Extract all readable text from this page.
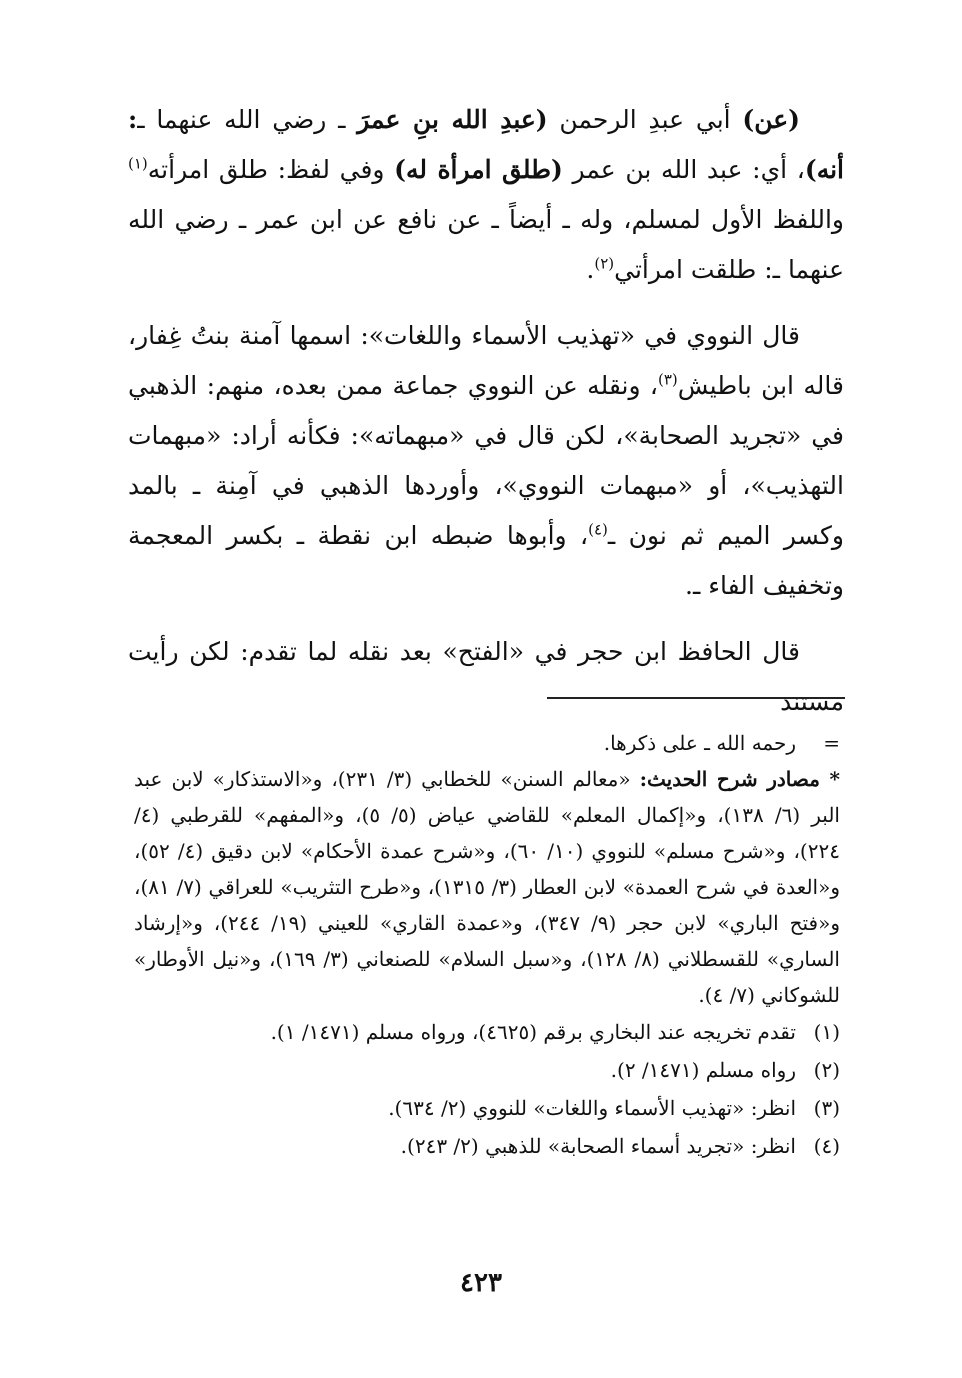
(عن) أبي عبدِ الرحمن (عبدِ الله بنِ عمرَ ـ رضي الله عنهما ـ: أنه)، أي: عبد الله بن عمر (طلق امرأة له) وفي لفظ: طلق امرأته$^{(١)}$ واللفظ الأول لمسلم، وله ـ أيضاً ـ عن نافع عن ابن عمر ـ رضي الله عنهما ـ: طلقت امرأتي$^{(٢)}$.

قال النووي في «تهذيب الأسماء واللغات»: اسمها آمنة بنتُ غِفار، قاله ابن باطيش$^{(٣)}$، ونقله عن النووي جماعة ممن بعده، منهم: الذهبي في «تجريد الصحابة»، لكن قال في «مبهماته»: فكأنه أراد: «مبهمات التهذيب»، أو «مبهمات النووي»، وأوردها الذهبي في آمِنة ـ بالمد وكسر الميم ثم نون ـ$^{(٤)}$، وأبوها ضبطه ابن نقطة ـ بكسر المعجمة وتخفيف الفاء ـ.

قال الحافظ ابن حجر في «الفتح» بعد نقله لما تقدم: لكن رأيت مستند

=
رحمه الله ـ على ذكرها.

* مصادر شرح الحديث: «معالم السنن» للخطابي (٣/ ٢٣١)، و«الاستذكار» لابن عبد البر (٦/ ١٣٨)، و«إكمال المعلم» للقاضي عياض (٥/ ٥)، و«المفهم» للقرطبي (٤/ ٢٢٤)، و«شرح مسلم» للنووي (١٠/ ٦٠)، و«شرح عمدة الأحكام» لابن دقيق (٤/ ٥٢)، و«العدة في شرح العمدة» لابن العطار (٣/ ١٣١٥)، و«طرح التثريب» للعراقي (٧/ ٨١)، و«فتح الباري» لابن حجر (٩/ ٣٤٧)، و«عمدة القاري» للعيني (١٩/ ٢٤٤)، و«إرشاد الساري» للقسطلاني (٨/ ١٢٨)، و«سبل السلام» للصنعاني (٣/ ١٦٩)، و«نيل الأوطار» للشوكاني (٧/ ٤).

(١)
تقدم تخريجه عند البخاري برقم (٤٦٢٥)، ورواه مسلم (١٤٧١/ ١).
(٢)
رواه مسلم (١٤٧١/ ٢).
(٣)
انظر: «تهذيب الأسماء واللغات» للنووي (٢/ ٦٣٤).
(٤)
انظر: «تجريد أسماء الصحابة» للذهبي (٢/ ٢٤٣).
٤٢٣
